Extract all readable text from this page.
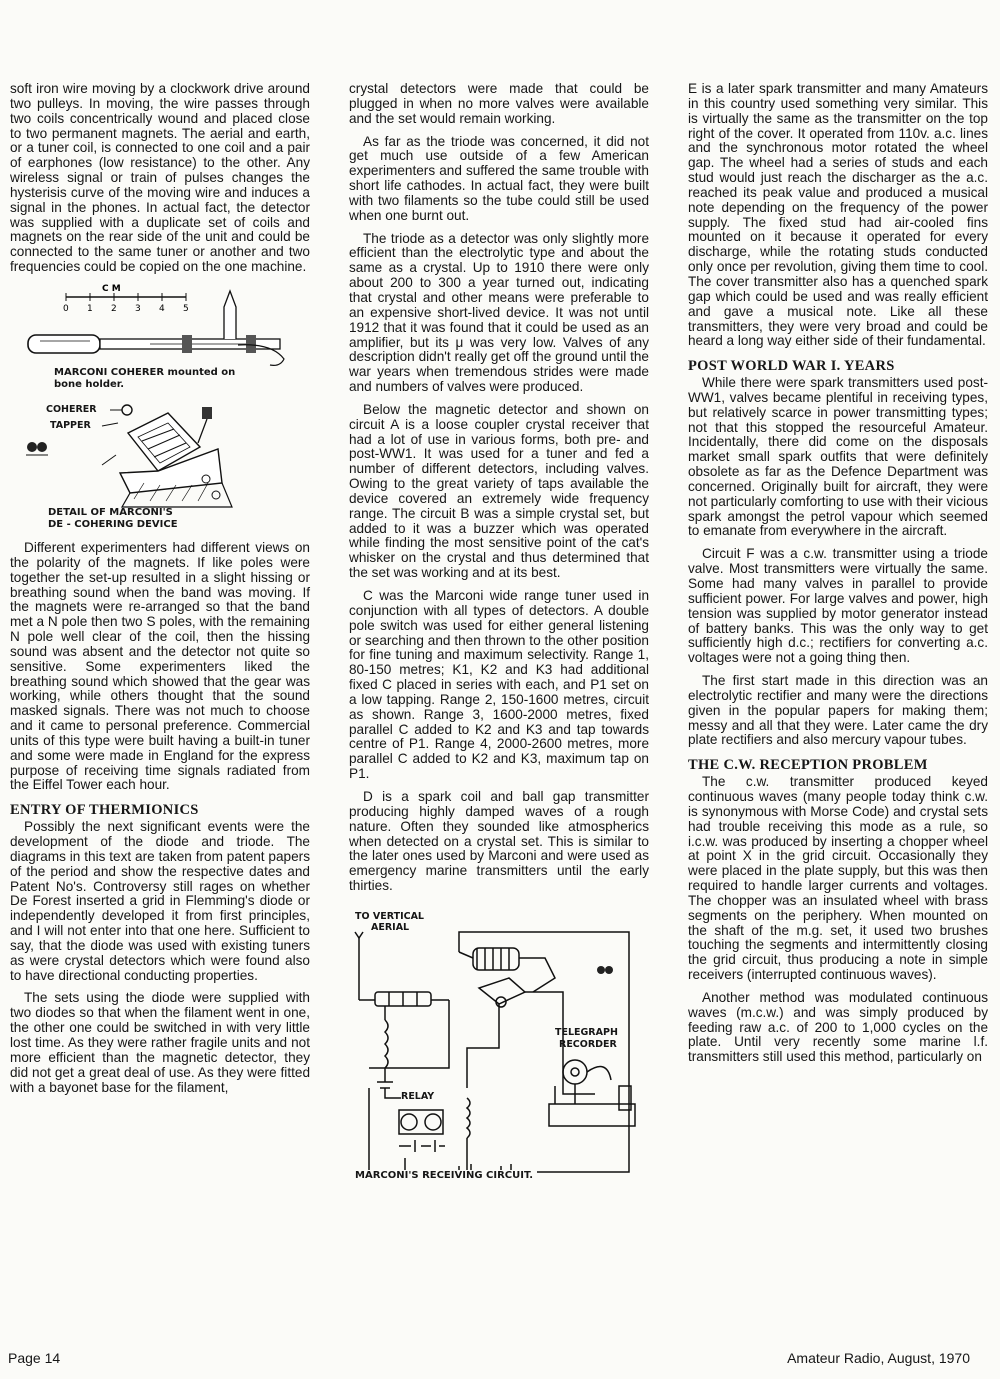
soft iron wire moving by a clockwork drive around two pulleys. In moving, the wire passes through two coils concentrically wound and placed close to two permanent magnets. The aerial and earth, or a tuner coil, is connected to one coil and a pair of earphones (low resistance) to the other. Any wireless signal or train of pulses changes the hysterisis curve of the moving wire and induces a signal in the phones. In actual fact, the detector was supplied with a duplicate set of coils and magnets on the rear side of the unit and could be connected to the same tuner or another and two frequencies could be copied on the one machine.

C M
0 1 2 3 4 5
MARCONI COHERER mounted on
bone holder.
COHERER
TAPPER
DETAIL OF MARCONI'S
DE - COHERING DEVICE

Different experimenters had different views on the polarity of the magnets. If like poles were together the set-up resulted in a slight hissing or breathing sound when the band was moving. If the magnets were re-arranged so that the band met a N pole then two S poles, with the remaining N pole well clear of the coil, then the hissing sound was absent and the detector not quite so sensitive. Some experimenters liked the breathing sound which showed that the gear was working, while others thought that the sound masked signals. There was not much to choose and it came to personal preference. Commercial units of this type were built having a built-in tuner and some were made in England for the express purpose of receiving time signals radiated from the Eiffel Tower each hour.

ENTRY OF THERMIONICS

Possibly the next significant events were the development of the diode and triode. The diagrams in this text are taken from patent papers of the period and show the respective dates and Patent No's. Controversy still rages on whether De Forest inserted a grid in Flemming's diode or independently developed it from first principles, and I will not enter into that one here. Sufficient to say, that the diode was used with existing tuners as were crystal detectors which were found also to have directional conducting properties.

The sets using the diode were supplied with two diodes so that when the filament went in one, the other one could be switched in with very little lost time. As they were rather fragile units and not more efficient than the magnetic detector, they did not get a great deal of use. As they were fitted with a bayonet base for the filament,

crystal detectors were made that could be plugged in when no more valves were available and the set would remain working.

As far as the triode was concerned, it did not get much use outside of a few American experimenters and suffered the same trouble with short life cathodes. In actual fact, they were built with two filaments so the tube could still be used when one burnt out.

The triode as a detector was only slightly more efficient than the electrolytic type and about the same as a crystal. Up to 1910 there were only about 200 to 300 a year turned out, indicating that crystal and other means were preferable to an expensive short-lived device. It was not until 1912 that it was found that it could be used as an amplifier, but its μ was very low. Valves of any description didn't really get off the ground until the war years when tremendous strides were made and numbers of valves were produced.

Below the magnetic detector and shown on circuit A is a loose coupler crystal receiver that had a lot of use in various forms, both pre- and post-WW1. It was used for a tuner and fed a number of different detectors, including valves. Owing to the great variety of taps available the device covered an extremely wide frequency range. The circuit B was a simple crystal set, but added to it was a buzzer which was operated while finding the most sensitive point of the cat's whisker on the crystal and thus determined that the set was working and at its best.

C was the Marconi wide range tuner used in conjunction with all types of detectors. A double pole switch was used for either general listening or searching and then thrown to the other position for fine tuning and maximum selectivity. Range 1, 80-150 metres; K1, K2 and K3 had additional fixed C placed in series with each, and P1 set on a low tapping. Range 2, 150-1600 metres, circuit as shown. Range 3, 1600-2000 metres, fixed parallel C added to K2 and K3 and tap towards centre of P1. Range 4, 2000-2600 metres, more parallel C added to K2 and K3, maximum tap on P1.

D is a spark coil and ball gap transmitter producing highly damped waves of a rough nature. Often they sounded like atmospherics when detected on a crystal set. This is similar to the later ones used by Marconi and were used as emergency marine transmitters until the early thirties.

TO VERTICAL
AERIAL
RELAY
TELEGRAPH
RECORDER
MARCONI'S RECEIVING CIRCUIT.

E is a later spark transmitter and many Amateurs in this country used something very similar. This is virtually the same as the transmitter on the top right of the cover. It operated from 110v. a.c. lines and the synchronous motor rotated the wheel gap. The wheel had a series of studs and each stud would just reach the discharger as the a.c. reached its peak value and produced a musical note depending on the frequency of the power supply. The fixed stud had air-cooled fins mounted on it because it operated for every discharge, while the rotating studs conducted only once per revolution, giving them time to cool. The cover transmitter also has a quenched spark gap which could be used and was really efficient and gave a musical note. Like all these transmitters, they were very broad and could be heard a long way either side of their fundamental.

POST WORLD WAR I. YEARS

While there were spark transmitters used post-WW1, valves became plentiful in receiving types, but relatively scarce in power transmitting types; not that this stopped the resourceful Amateur. Incidentally, there did come on the disposals market small spark outfits that were definitely obsolete as far as the Defence Department was concerned. Originally built for aircraft, they were not particularly comforting to use with their vicious spark amongst the petrol vapour which seemed to emanate from everywhere in the aircraft.

Circuit F was a c.w. transmitter using a triode valve. Most transmitters were virtually the same. Some had many valves in parallel to provide sufficient power. For large valves and power, high tension was supplied by motor generator instead of battery banks. This was the only way to get sufficiently high d.c.; rectifiers for converting a.c. voltages were not a going thing then.

The first start made in this direction was an electrolytic rectifier and many were the directions given in the popular papers for making them; messy and all that they were. Later came the dry plate rectifiers and also mercury vapour tubes.

THE C.W. RECEPTION PROBLEM

The c.w. transmitter produced keyed continuous waves (many people today think c.w. is synonymous with Morse Code) and crystal sets had trouble receiving this mode as a rule, so i.c.w. was produced by inserting a chopper wheel at point X in the grid circuit. Occasionally they were placed in the plate supply, but this was then required to handle larger currents and voltages. The chopper was an insulated wheel with brass segments on the periphery. When mounted on the shaft of the m.g. set, it used two brushes touching the segments and intermittently closing the grid circuit, thus producing a note in simple receivers (interrupted continuous waves).

Another method was modulated continuous waves (m.c.w.) and was simply produced by feeding raw a.c. of 200 to 1,000 cycles on the plate. Until very recently some marine l.f. transmitters still used this method, particularly on

Page 14	Amateur Radio, August, 1970
